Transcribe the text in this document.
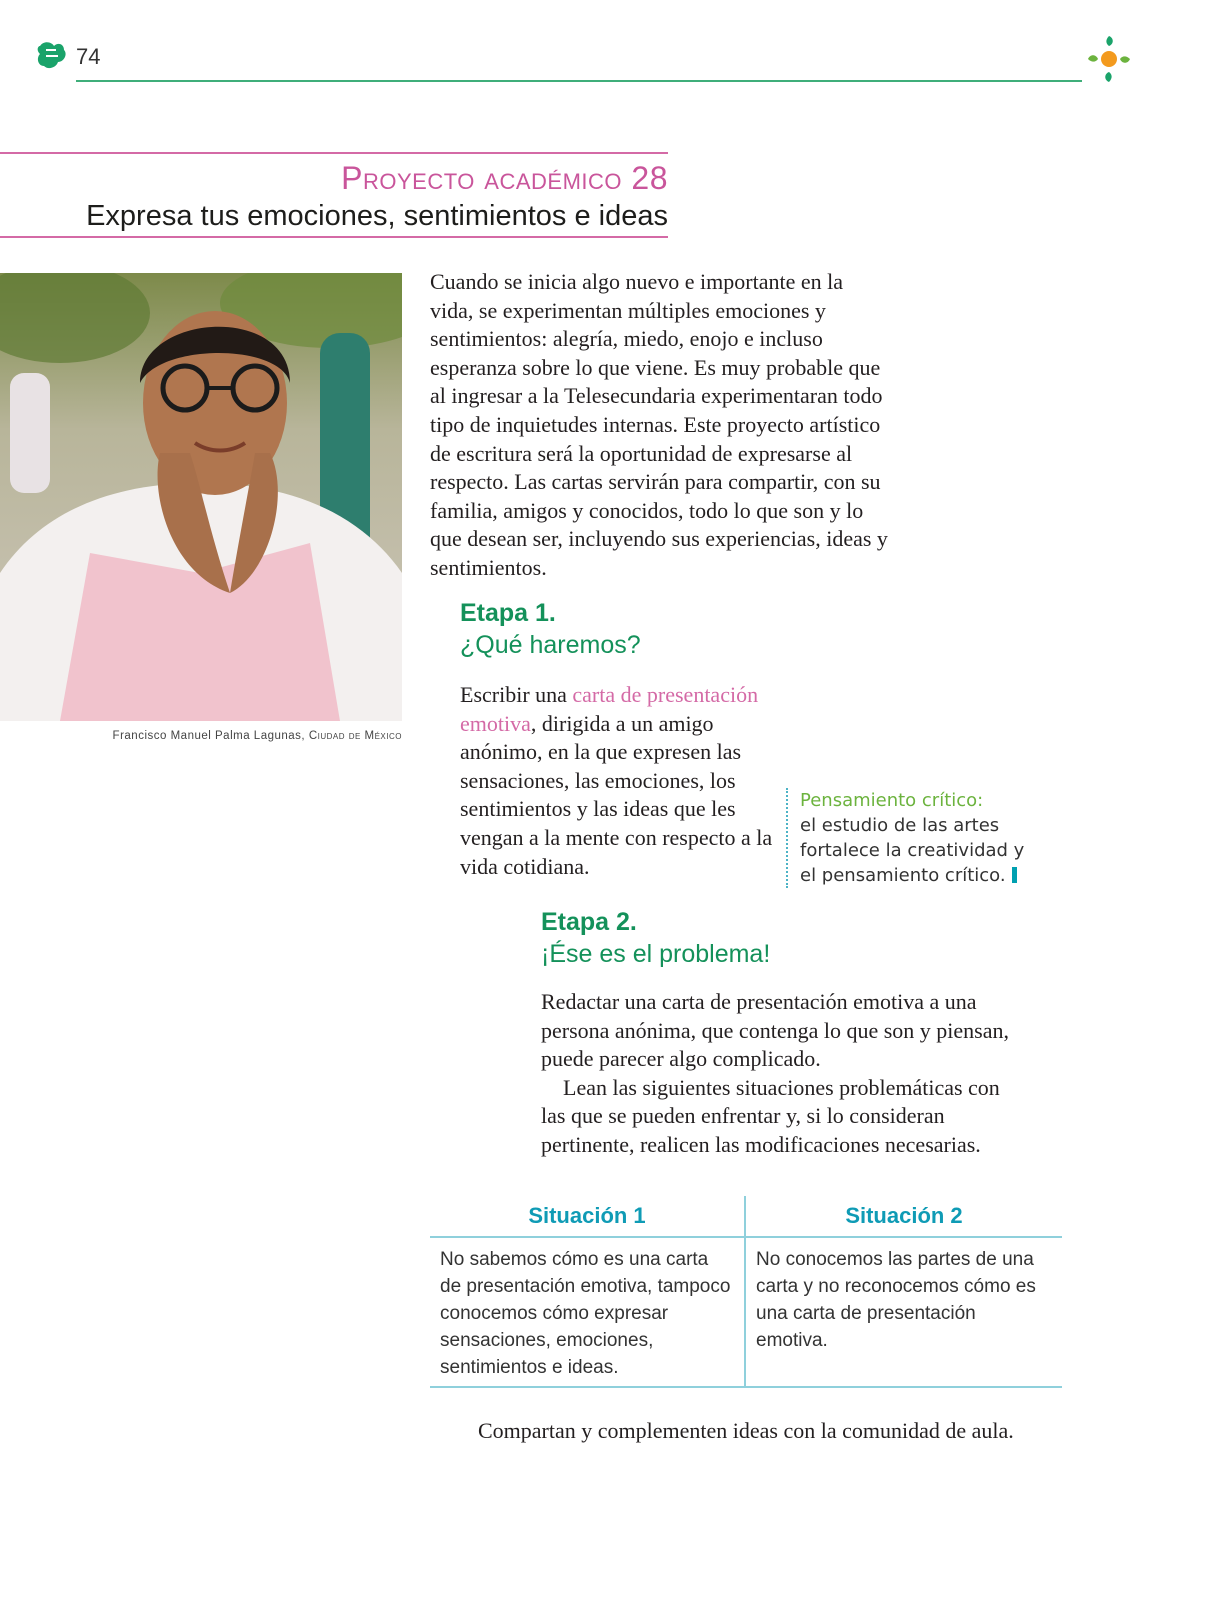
74
Proyecto académico 28
Expresa tus emociones, sentimientos e ideas
Francisco Manuel Palma Lagunas, Ciudad de México
Cuando se inicia algo nuevo e importante en la vida, se experimentan múltiples emociones y sentimientos: alegría, miedo, enojo e incluso esperanza sobre lo que viene. Es muy probable que al ingresar a la Telesecundaria experimentaran todo tipo de inquietudes internas. Este proyecto artístico de escritura será la oportunidad de expresarse al respecto. Las cartas servirán para compartir, con su familia, amigos y conocidos, todo lo que son y lo que desean ser, incluyendo sus experiencias, ideas y sentimientos.
Etapa 1.
¿Qué haremos?
Escribir una carta de presentación emotiva, dirigida a un amigo anónimo, en la que expresen las sensaciones, las emociones, los sentimientos y las ideas que les vengan a la mente con respecto a la vida cotidiana.
Pensamiento crítico:
el estudio de las artes fortalece la creatividad y el pensamiento crítico.
Etapa 2.
¡Ése es el problema!
Redactar una carta de presentación emotiva a una persona anónima, que contenga lo que son y piensan, puede parecer algo complicado.
Lean las siguientes situaciones problemáticas con las que se pueden enfrentar y, si lo consideran pertinente, realicen las modificaciones necesarias.
Situación 1	Situación 2
No sabemos cómo es una carta de presentación emotiva, tampoco conocemos cómo expresar sensaciones, emociones, sentimientos e ideas.
No conocemos las partes de una carta y no reconocemos cómo es una carta de presentación emotiva.
Compartan y complementen ideas con la comunidad de aula.
